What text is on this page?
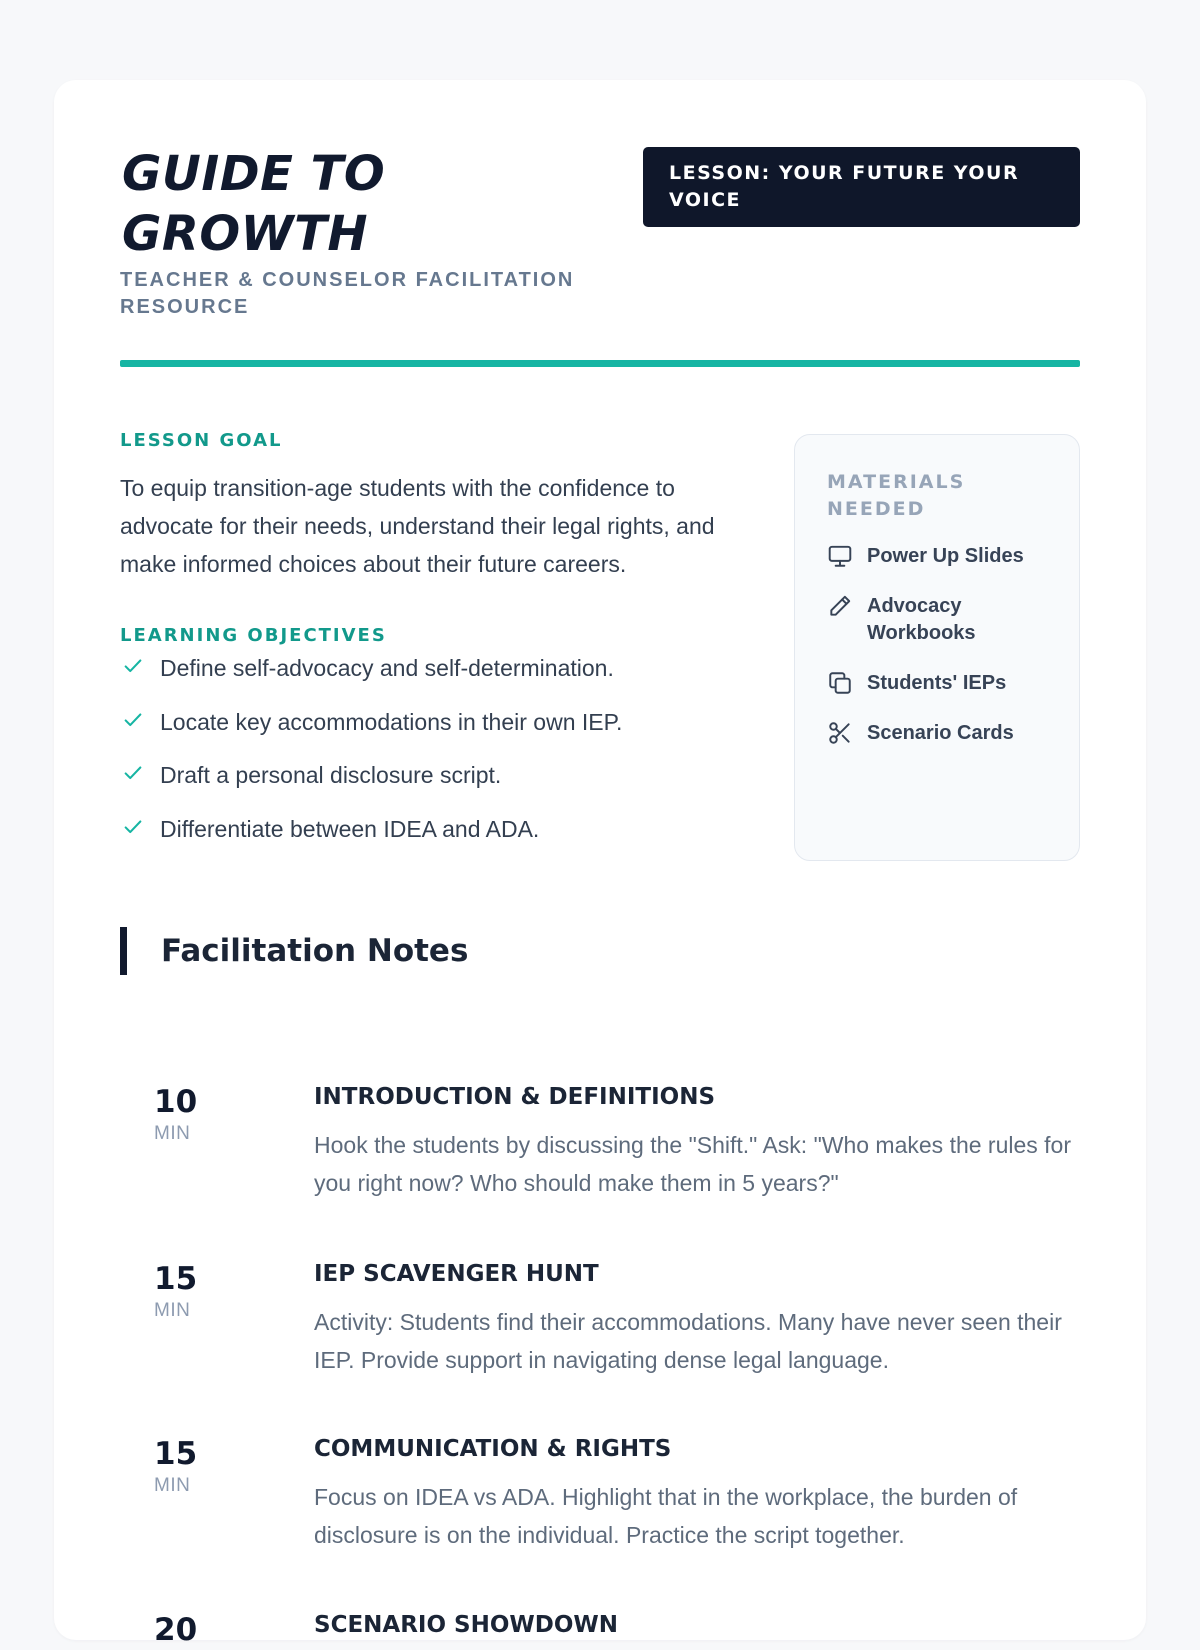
GUIDE TO GROWTH
TEACHER & COUNSELOR FACILITATION RESOURCE
LESSON: YOUR FUTURE YOUR VOICE
LESSON GOAL

To equip transition-age students with the confidence to advocate for their needs, understand their legal rights, and make informed choices about their future careers.

LEARNING OBJECTIVES
Define self-advocacy and self-determination.
Locate key accommodations in their own IEP.
Draft a personal disclosure script.
Differentiate between IDEA and ADA.
MATERIALS NEEDED
Power Up Slides
Advocacy Workbooks
Students' IEPs
Scenario Cards
Facilitation Notes
10
MIN
INTRODUCTION & DEFINITIONS

Hook the students by discussing the "Shift." Ask: "Who makes the rules for you right now? Who should make them in 5 years?"

15
MIN
IEP SCAVENGER HUNT

Activity: Students find their accommodations. Many have never seen their IEP. Provide support in navigating dense legal language.

15
MIN
COMMUNICATION & RIGHTS

Focus on IDEA vs ADA. Highlight that in the workplace, the burden of disclosure is on the individual. Practice the script together.

20	SCENARIO SHOWDOWN
